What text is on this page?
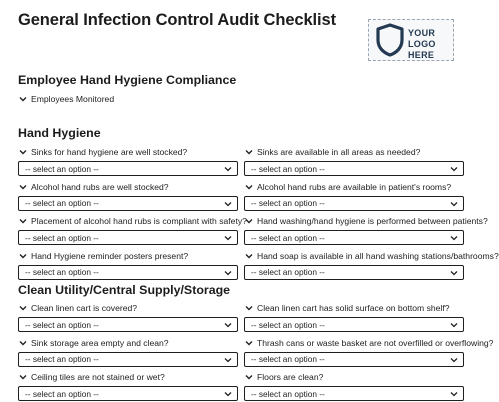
General Infection Control Audit Checklist
YOUR
LOGO
HERE
Employee Hand Hygiene Compliance
Employees Monitored
Hand Hygiene
Sinks for hand hygiene are well stocked?
-- select an option --
Sinks are available in all areas as needed?
-- select an option --
Alcohol hand rubs are well stocked?
-- select an option --
Alcohol hand rubs are available in patient's rooms?
-- select an option --
Placement of alcohol hand rubs is compliant with safety?
-- select an option --
Hand washing/hand hygiene is performed between patients?
-- select an option --
Hand Hygiene reminder posters present?
-- select an option --
Hand soap is available in all hand washing stations/bathrooms?
-- select an option --
Clean Utility/Central Supply/Storage
Clean linen cart is covered?
-- select an option --
Clean linen cart has solid surface on bottom shelf?
-- select an option --
Sink storage area empty and clean?
-- select an option --
Thrash cans or waste basket are not overfilled or overflowing?
-- select an option --
Ceiling tiles are not stained or wet?
-- select an option --
Floors are clean?
-- select an option --
